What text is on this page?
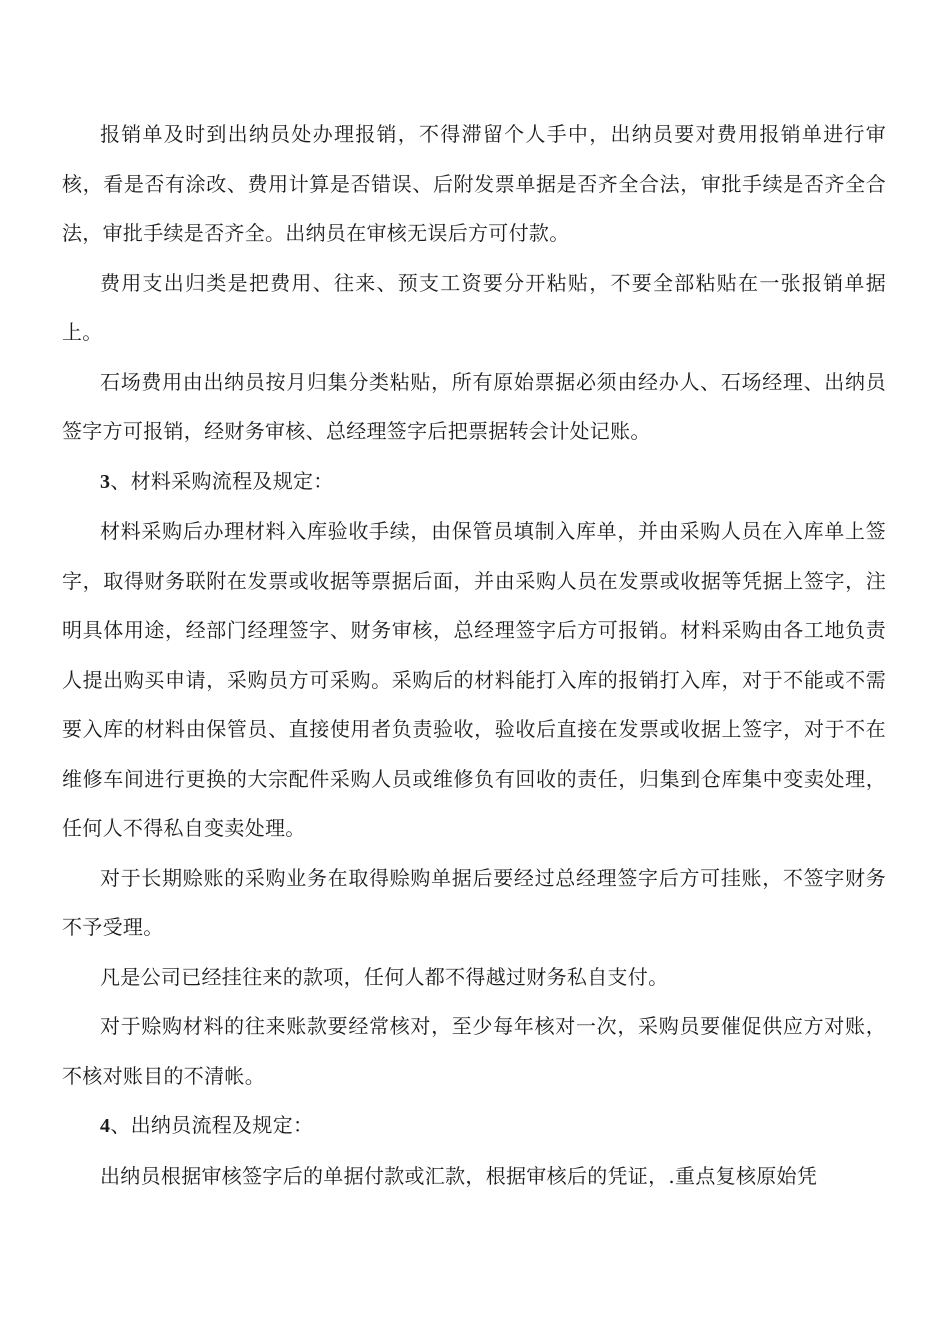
报销单及时到出纳员处办理报销，不得滞留个人手中，出纳员要对费用报销单进行审核，看是否有涂改、费用计算是否错误、后附发票单据是否齐全合法，审批手续是否齐全合法，审批手续是否齐全。出纳员在审核无误后方可付款。

费用支出归类是把费用、往来、预支工资要分开粘贴，不要全部粘贴在一张报销单据上。

石场费用由出纳员按月归集分类粘贴，所有原始票据必须由经办人、石场经理、出纳员签字方可报销，经财务审核、总经理签字后把票据转会计处记账。

3、材料采购流程及规定：

材料采购后办理材料入库验收手续，由保管员填制入库单，并由采购人员在入库单上签字，取得财务联附在发票或收据等票据后面，并由采购人员在发票或收据等凭据上签字，注明具体用途，经部门经理签字、财务审核，总经理签字后方可报销。材料采购由各工地负责人提出购买申请，采购员方可采购。采购后的材料能打入库的报销打入库，对于不能或不需要入库的材料由保管员、直接使用者负责验收，验收后直接在发票或收据上签字，对于不在维修车间进行更换的大宗配件采购人员或维修负有回收的责任，归集到仓库集中变卖处理，任何人不得私自变卖处理。

对于长期赊账的采购业务在取得赊购单据后要经过总经理签字后方可挂账，不签字财务不予受理。

凡是公司已经挂往来的款项，任何人都不得越过财务私自支付。

对于赊购材料的往来账款要经常核对，至少每年核对一次，采购员要催促供应方对账，不核对账目的不清帐。

4、出纳员流程及规定：

出纳员根据审核签字后的单据付款或汇款，根据审核后的凭证，.重点复核原始凭
